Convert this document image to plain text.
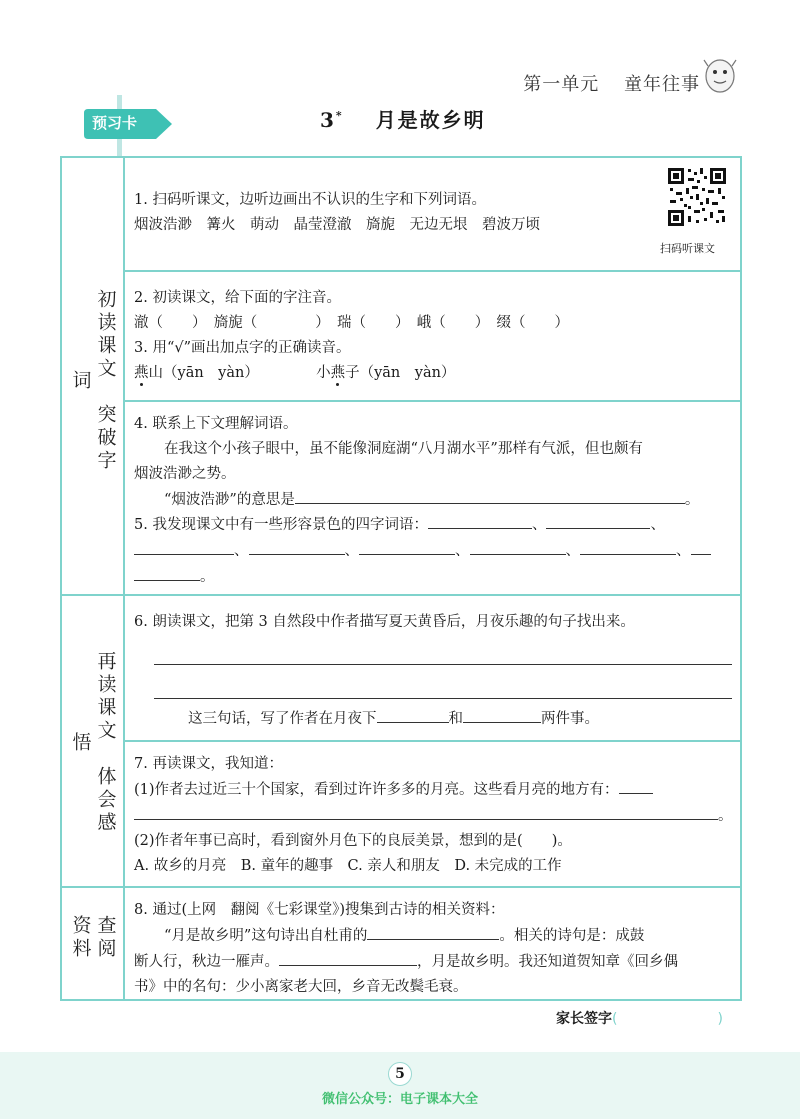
第一单元 童年往事
预习卡	3 * 月是故乡明
初读课文　突破字词
再读课文　体会感悟
查阅资料
1. 扫码听课文，边听边画出不认识的生字和下列词语。
烟波浩渺　篝火　萌动　晶莹澄澈　旖旎　无边无垠　碧波万顷
扫码听课文
2. 初读课文，给下面的字注音。
澈（　　）　旖旎（　　　　）　瑞（　　）　峨（　　）　缀（　　）
3. 用“√”画出加点字的正确读音。
燕山（yān　yàn）	小燕子（yān　yàn）
4. 联系上下文理解词语。
在我这个小孩子眼中，虽不能像洞庭湖“八月湖水平”那样有气派，但也颇有
烟波浩渺之势。
“烟波浩渺”的意思是	。
5. 我发现课文中有一些形容景色的四字词语：	、	、
、	、	、	、	、
。
6. 朗读课文，把第 3 自然段中作者描写夏天黄昏后，月夜乐趣的句子找出来。
这三句话，写了作者在月夜下	和	两件事。
7. 再读课文，我知道：
(1)作者去过近三十个国家，看到过许许多多的月亮。这些看月亮的地方有：
。
(2)作者年事已高时，看到窗外月色下的良辰美景，想到的是(　　)。
A. 故乡的月亮　B. 童年的趣事　C. 亲人和朋友　D. 未完成的工作
8. 通过(上网　翻阅《七彩课堂》)搜集到古诗的相关资料：
“月是故乡明”这句诗出自杜甫的	。相关的诗句是：成鼓
断人行，秋边一雁声。	，月是故乡明。我还知道贺知章《回乡偶
书》中的名句：少小离家老大回，乡音无改鬓毛衰。
家长签字(	)
5
微信公众号：电子课本大全
